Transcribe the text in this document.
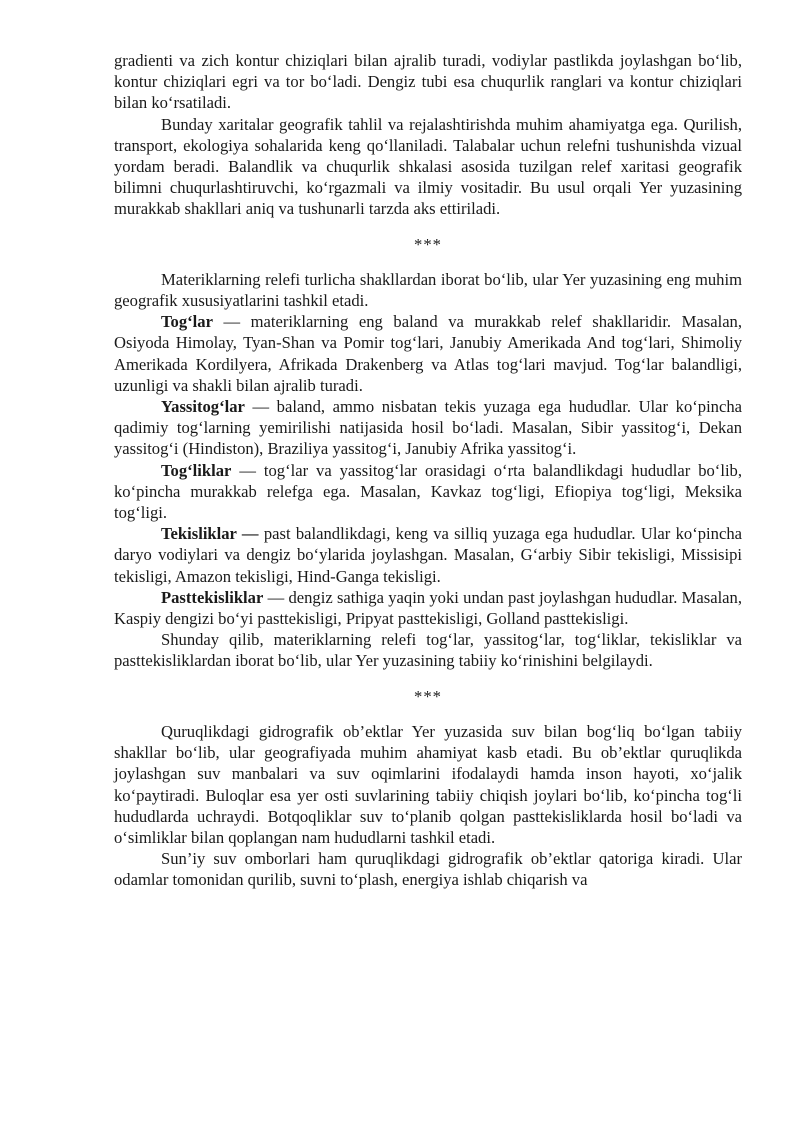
gradienti va zich kontur chiziqlari bilan ajralib turadi, vodiylar pastlikda joylashgan bo‘lib, kontur chiziqlari egri va tor bo‘ladi. Dengiz tubi esa chuqurlik ranglari va kontur chiziqlari bilan ko‘rsatiladi.

Bunday xaritalar geografik tahlil va rejalashtirishda muhim ahamiyatga ega. Qurilish, transport, ekologiya sohalarida keng qo‘llaniladi. Talabalar uchun relefni tushunishda vizual yordam beradi. Balandlik va chuqurlik shkalasi asosida tuzilgan relef xaritasi geografik bilimni chuqurlashtiruvchi, ko‘rgazmali va ilmiy vositadir. Bu usul orqali Yer yuzasining murakkab shakllari aniq va tushunarli tarzda aks ettiriladi.

***

Materiklarning relefi turlicha shakllardan iborat bo‘lib, ular Yer yuzasining eng muhim geografik xususiyatlarini tashkil etadi.

Tog‘lar — materiklarning eng baland va murakkab relef shakllaridir. Masalan, Osiyoda Himolay, Tyan-Shan va Pomir tog‘lari, Janubiy Amerikada And tog‘lari, Shimoliy Amerikada Kordilyera, Afrikada Drakenberg va Atlas tog‘lari mavjud. Tog‘lar balandligi, uzunligi va shakli bilan ajralib turadi.

Yassitog‘lar — baland, ammo nisbatan tekis yuzaga ega hududlar. Ular ko‘pincha qadimiy tog‘larning yemirilishi natijasida hosil bo‘ladi. Masalan, Sibir yassitog‘i, Dekan yassitog‘i (Hindiston), Braziliya yassitog‘i, Janubiy Afrika yassitog‘i.

Tog‘liklar — tog‘lar va yassitog‘lar orasidagi o‘rta balandlikdagi hududlar bo‘lib, ko‘pincha murakkab relefga ega. Masalan, Kavkaz tog‘ligi, Efiopiya tog‘ligi, Meksika tog‘ligi.

Tekisliklar — past balandlikdagi, keng va silliq yuzaga ega hududlar. Ular ko‘pincha daryo vodiylari va dengiz bo‘ylarida joylashgan. Masalan, G‘arbiy Sibir tekisligi, Missisipi tekisligi, Amazon tekisligi, Hind-Ganga tekisligi.

Pasttekisliklar — dengiz sathiga yaqin yoki undan past joylashgan hududlar. Masalan, Kaspiy dengizi bo‘yi pasttekisligi, Pripyat pasttekisligi, Golland pasttekisligi.

Shunday qilib, materiklarning relefi tog‘lar, yassitog‘lar, tog‘liklar, tekisliklar va pasttekisliklardan iborat bo‘lib, ular Yer yuzasining tabiiy ko‘rinishini belgilaydi.

***

Quruqlikdagi gidrografik ob’ektlar Yer yuzasida suv bilan bog‘liq bo‘lgan tabiiy shakllar bo‘lib, ular geografiyada muhim ahamiyat kasb etadi. Bu ob’ektlar quruqlikda joylashgan suv manbalari va suv oqimlarini ifodalaydi hamda inson hayoti, xo‘jalik ko‘paytiradi. Buloqlar esa yer osti suvlarining tabiiy chiqish joylari bo‘lib, ko‘pincha tog‘li hududlarda uchraydi. Botqoqliklar suv to‘planib qolgan pasttekisliklarda hosil bo‘ladi va o‘simliklar bilan qoplangan nam hududlarni tashkil etadi.

Sun’iy suv omborlari ham quruqlikdagi gidrografik ob’ektlar qatoriga kiradi. Ular odamlar tomonidan qurilib, suvni to‘plash, energiya ishlab chiqarish va
